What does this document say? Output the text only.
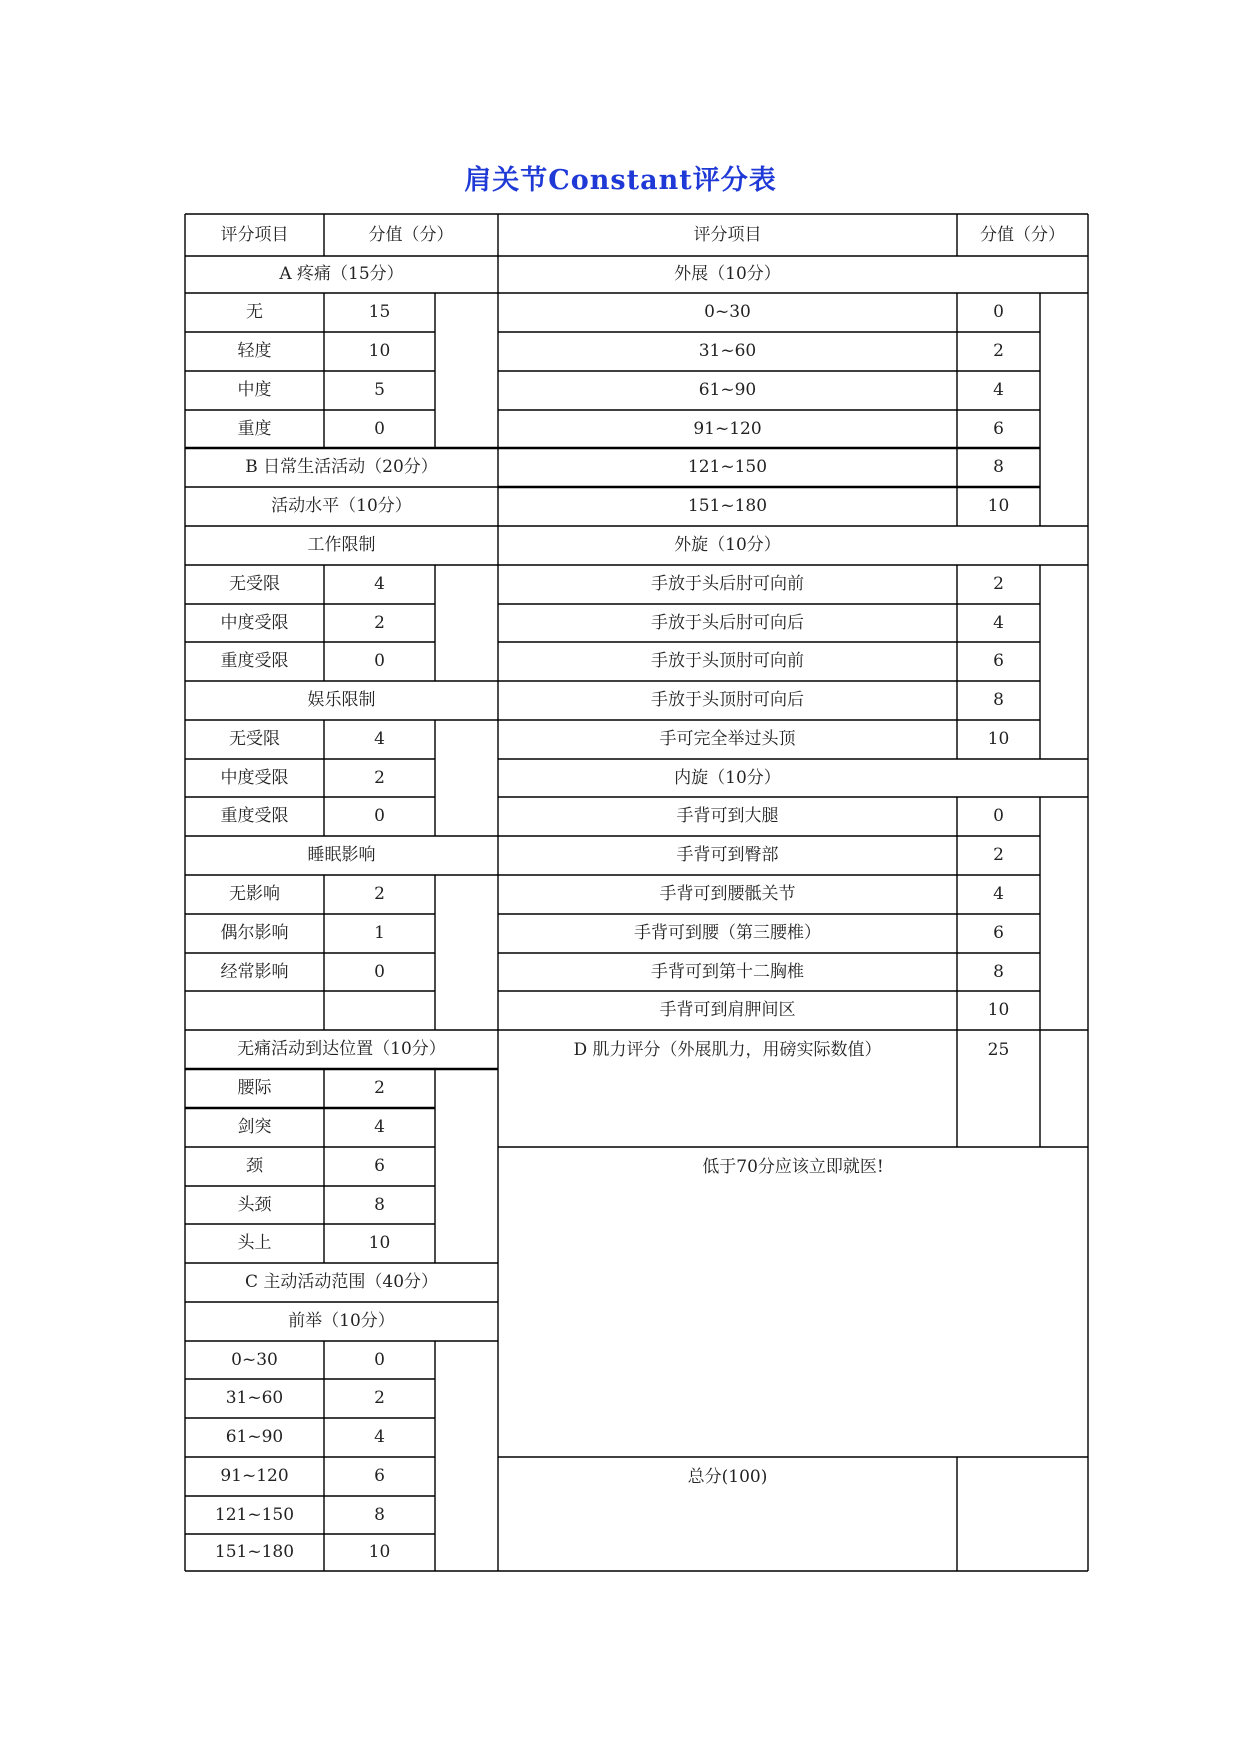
肩关节Constant评分表
评分项目	分值（分）	评分项目	分值（分）
A 疼痛（15分）
无	15
轻度	10
中度	5
重度	0
B 日常生活活动（20分）
活动水平（10分）
工作限制
无受限	4
中度受限	2
重度受限	0
娱乐限制
无受限	4
中度受限	2
重度受限	0
睡眠影响
无影响	2
偶尔影响	1
经常影响	0
无痛活动到达位置（10分）
腰际	2
剑突	4
颈	6
头颈	8
头上	10
C 主动活动范围（40分）
前举（10分）
0~30	0
31~60	2
61~90	4
91~120	6
121~150	8
151~180	10
外展（10分）
0~30	0
31~60	2
61~90	4
91~120	6
121~150	8
151~180	10
外旋（10分）
手放于头后肘可向前	2
手放于头后肘可向后	4
手放于头顶肘可向前	6
手放于头顶肘可向后	8
手可完全举过头顶	10
内旋（10分）
手背可到大腿	0
手背可到臀部	2
手背可到腰骶关节	4
手背可到腰（第三腰椎）	6
手背可到第十二胸椎	8
手背可到肩胛间区	10
D 肌力评分（外展肌力，用磅实际数值）	25
低于70分应该立即就医!
总分(100)
